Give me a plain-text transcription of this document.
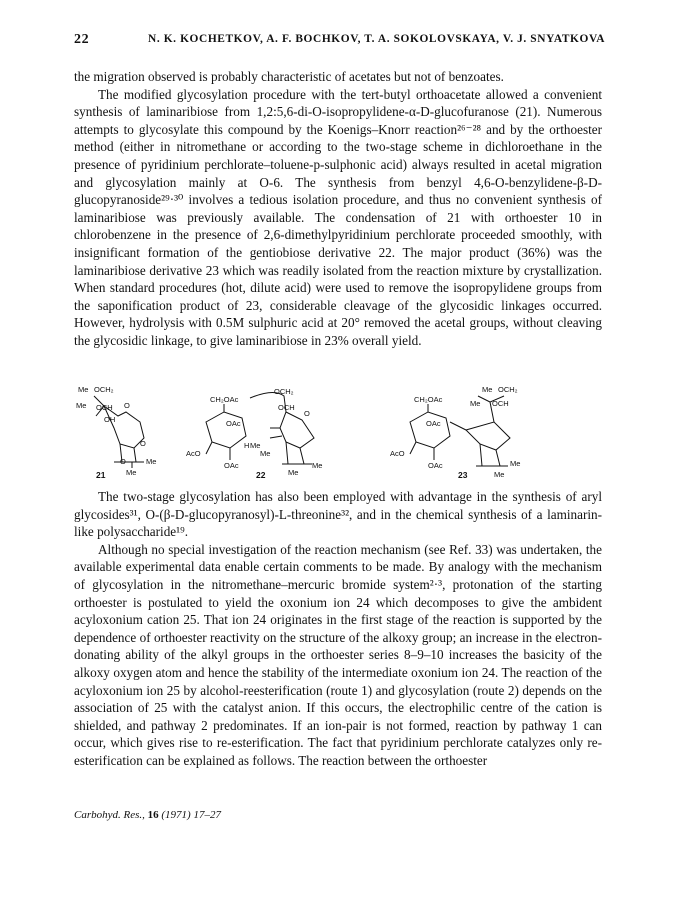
22	N. K. KOCHETKOV, A. F. BOCHKOV, T. A. SOKOLOVSKAYA, V. J. SNYATKOVA

the migration observed is probably characteristic of acetates but not of benzoates.

The modified glycosylation procedure with the tert-butyl orthoacetate allowed a convenient synthesis of laminaribiose from 1,2:5,6-di-O-isopropylidene-α-D-glucofuranose (21). Numerous attempts to glycosylate this compound by the Koenigs–Knorr reaction²⁶⁻²⁸ and by the orthoester method (either in nitromethane or according to the two-stage scheme in dichloroethane in the presence of pyridinium perchlorate–toluene-p-sulphonic acid) always resulted in acetal migration and glycosylation mainly at O-6. The synthesis from benzyl 4,6-O-benzylidene-β-D-glucopyranoside²⁹·³⁰ involves a tedious isolation procedure, and thus no convenient synthesis of laminaribiose was previously available. The condensation of 21 with orthoester 10 in chlorobenzene in the presence of 2,6-dimethylpyridinium perchlorate proceeded smoothly, with insignificant formation of the gentiobiose derivative 22. The major product (36%) was the laminaribiose derivative 23 which was readily isolated from the reaction mixture by crystallization. When standard procedures (hot, dilute acid) were used to remove the isopropylidene groups from the saponification product of 23, considerable cleavage of the glycosidic linkages occurred. However, hydrolysis with 0.5M sulphuric acid at 20° removed the acetal groups, without cleaving the glycosidic linkage, to give laminaribiose in 23% overall yield.

Me OCH₂
Me OCH
OH
O
O
O	Me
Me
21
CH₂OAc
OAc
AcO
OAc
H
OCH₂
OCH
O
Me
Me
Me
Me
22
CH₂OAc
OAc
AcO
OAc
Me OCH₂
Me OCH
Me
Me
23

The two-stage glycosylation has also been employed with advantage in the synthesis of aryl glycosides³¹, O-(β-D-glucopyranosyl)-L-threonine³², and in the chemical synthesis of a laminarin-like polysaccharide¹⁹.

Although no special investigation of the reaction mechanism (see Ref. 33) was undertaken, the available experimental data enable certain comments to be made. By analogy with the mechanism of glycosylation in the nitromethane–mercuric bromide system²·³, protonation of the starting orthoester is postulated to yield the oxonium ion 24 which decomposes to give the ambident acyloxonium cation 25. That ion 24 originates in the first stage of the reaction is supported by the dependence of orthoester reactivity on the structure of the alkoxy group; an increase in the electron-donating ability of the alkyl groups in the orthoester series 8–9–10 increases the basicity of the alkoxy oxygen atom and hence the stability of the intermediate oxonium ion 24. The reaction of the acyloxonium ion 25 by alcohol-reesterification (route 1) and glycosylation (route 2) depends on the association of 25 with the catalyst anion. If this occurs, the electrophilic centre of the cation is shielded, and pathway 2 predominates. If an ion-pair is not formed, reaction by pathway 1 can occur, which gives rise to re-esterification. The fact that pyridinium perchlorate catalyzes only re-esterification can be explained as follows. The reaction between the orthoester

Carbohyd. Res., 16 (1971) 17–27
